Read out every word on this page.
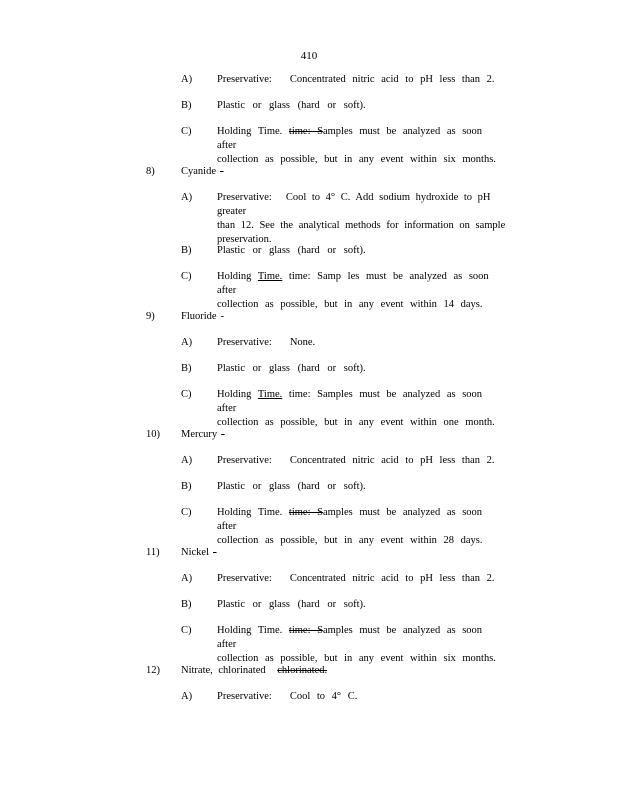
410
A) Preservative: Concentrated nitric acid to pH less than 2.
B) Plastic or glass (hard or soft).
C) Holding Time. time: Samples must be analyzed as soon after
collection as possible, but in any event within six months.
8)	Cyanide -
A) Preservative: Cool to 4° C. Add sodium hydroxide to pH greater
than 12. See the analytical methods for information on sample
preservation.
B) Plastic or glass (hard or soft).
C) Holding Time. time: Samp les must be analyzed as soon after
collection as possible, but in any event within 14 days.
9)	Fluoride -
A) Preservative: None.
B) Plastic or glass (hard or soft).
C) Holding Time. time: Samples must be analyzed as soon after
collection as possible, but in any event within one month.
10) Mercury -
A) Preservative: Concentrated nitric acid to pH less than 2.
B) Plastic or glass (hard or soft).
C) Holding Time. time: Samples must be analyzed as soon after
collection as possible, but in any event within 28 days.
11) Nickel -
A) Preservative: Concentrated nitric acid to pH less than 2.
B) Plastic or glass (hard or soft).
C) Holding Time. time: Samples must be analyzed as soon after
collection as possible, but in any event within six months.
12) Nitrate, chlorinated chlorinated.
A) Preservative: Cool to 4° C.
